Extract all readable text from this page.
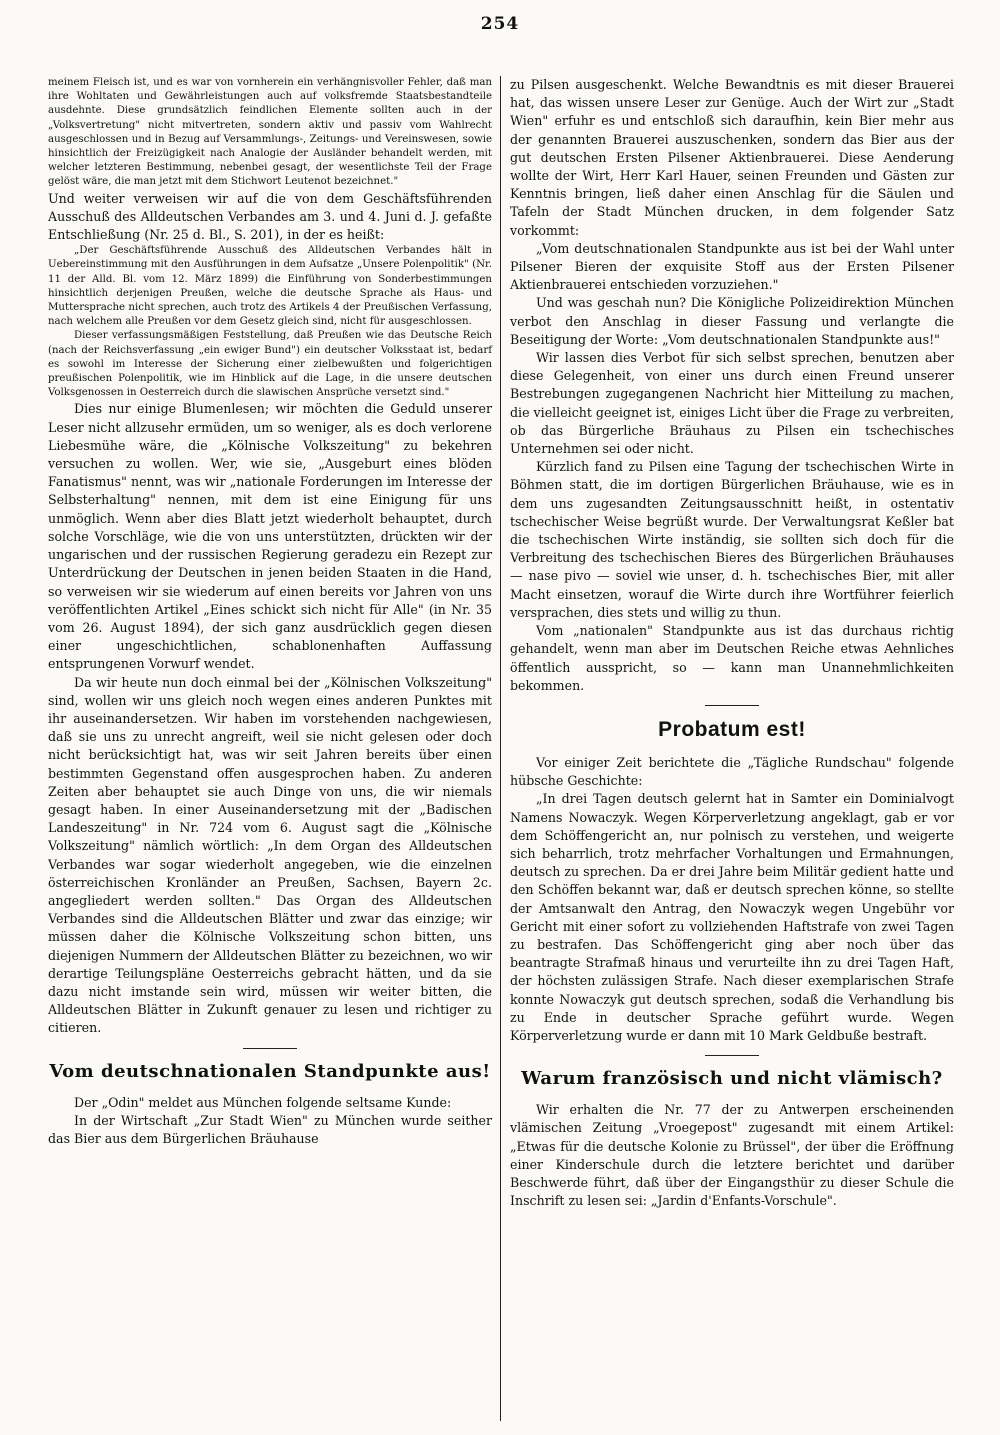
254

meinem Fleisch ist, und es war von vornherein ein verhängnisvoller Fehler, daß man ihre Wohltaten und Gewährleistungen auch auf volksfremde Staatsbestandteile ausdehnte. Diese grundsätzlich feindlichen Elemente sollten auch in der „Volksvertretung" nicht mitvertreten, sondern aktiv und passiv vom Wahlrecht ausgeschlossen und in Bezug auf Versammlungs-, Zeitungs- und Vereinswesen, sowie hinsichtlich der Freizügigkeit nach Analogie der Ausländer behandelt werden, mit welcher letzteren Bestimmung, nebenbei gesagt, der wesentlichste Teil der Frage gelöst wäre, die man jetzt mit dem Stichwort Leutenot bezeichnet."

Und weiter verweisen wir auf die von dem Geschäftsführenden Ausschuß des Alldeutschen Verbandes am 3. und 4. Juni d. J. gefaßte Entschließung (Nr. 25 d. Bl., S. 201), in der es heißt:

„Der Geschäftsführende Ausschuß des Alldeutschen Verbandes hält in Uebereinstimmung mit den Ausführungen in dem Aufsatze „Unsere Polenpolitik" (Nr. 11 der Alld. Bl. vom 12. März 1899) die Einführung von Sonderbestimmungen hinsichtlich derjenigen Preußen, welche die deutsche Sprache als Haus- und Muttersprache nicht sprechen, auch trotz des Artikels 4 der Preußischen Verfassung, nach welchem alle Preußen vor dem Gesetz gleich sind, nicht für ausgeschlossen.

Dieser verfassungsmäßigen Feststellung, daß Preußen wie das Deutsche Reich (nach der Reichsverfassung „ein ewiger Bund") ein deutscher Volksstaat ist, bedarf es sowohl im Interesse der Sicherung einer zielbewußten und folgerichtigen preußischen Polenpolitik, wie im Hinblick auf die Lage, in die unsere deutschen Volksgenossen in Oesterreich durch die slawischen Ansprüche versetzt sind."

Dies nur einige Blumenlesen; wir möchten die Geduld unserer Leser nicht allzusehr ermüden, um so weniger, als es doch verlorene Liebesmühe wäre, die „Kölnische Volkszeitung" zu bekehren versuchen zu wollen. Wer, wie sie, „Ausgeburt eines blöden Fanatismus" nennt, was wir „nationale Forderungen im Interesse der Selbsterhaltung" nennen, mit dem ist eine Einigung für uns unmöglich. Wenn aber dies Blatt jetzt wiederholt behauptet, durch solche Vorschläge, wie die von uns unterstützten, drückten wir der ungarischen und der russischen Regierung geradezu ein Rezept zur Unterdrückung der Deutschen in jenen beiden Staaten in die Hand, so verweisen wir sie wiederum auf einen bereits vor Jahren von uns veröffentlichten Artikel „Eines schickt sich nicht für Alle" (in Nr. 35 vom 26. August 1894), der sich ganz ausdrücklich gegen diesen einer ungeschichtlichen, schablonenhaften Auffassung entsprungenen Vorwurf wendet.

Da wir heute nun doch einmal bei der „Kölnischen Volkszeitung" sind, wollen wir uns gleich noch wegen eines anderen Punktes mit ihr auseinandersetzen. Wir haben im vorstehenden nachgewiesen, daß sie uns zu unrecht angreift, weil sie nicht gelesen oder doch nicht berücksichtigt hat, was wir seit Jahren bereits über einen bestimmten Gegenstand offen ausgesprochen haben. Zu anderen Zeiten aber behauptet sie auch Dinge von uns, die wir niemals gesagt haben. In einer Auseinandersetzung mit der „Badischen Landeszeitung" in Nr. 724 vom 6. August sagt die „Kölnische Volkszeitung" nämlich wörtlich: „In dem Organ des Alldeutschen Verbandes war sogar wiederholt angegeben, wie die einzelnen österreichischen Kronländer an Preußen, Sachsen, Bayern 2c. angegliedert werden sollten." Das Organ des Alldeutschen Verbandes sind die Alldeutschen Blätter und zwar das einzige; wir müssen daher die Kölnische Volkszeitung schon bitten, uns diejenigen Nummern der Alldeutschen Blätter zu bezeichnen, wo wir derartige Teilungspläne Oesterreichs gebracht hätten, und da sie dazu nicht imstande sein wird, müssen wir weiter bitten, die Alldeutschen Blätter in Zukunft genauer zu lesen und richtiger zu citieren.

Vom deutschnationalen Standpunkte aus!

Der „Odin" meldet aus München folgende seltsame Kunde:

In der Wirtschaft „Zur Stadt Wien" zu München wurde seither das Bier aus dem Bürgerlichen Bräuhause

zu Pilsen ausgeschenkt. Welche Bewandtnis es mit dieser Brauerei hat, das wissen unsere Leser zur Genüge. Auch der Wirt zur „Stadt Wien" erfuhr es und entschloß sich daraufhin, kein Bier mehr aus der genannten Brauerei auszuschenken, sondern das Bier aus der gut deutschen Ersten Pilsener Aktienbrauerei. Diese Aenderung wollte der Wirt, Herr Karl Hauer, seinen Freunden und Gästen zur Kenntnis bringen, ließ daher einen Anschlag für die Säulen und Tafeln der Stadt München drucken, in dem folgender Satz vorkommt:

„Vom deutschnationalen Standpunkte aus ist bei der Wahl unter Pilsener Bieren der exquisite Stoff aus der Ersten Pilsener Aktienbrauerei entschieden vorzuziehen."

Und was geschah nun? Die Königliche Polizeidirektion München verbot den Anschlag in dieser Fassung und verlangte die Beseitigung der Worte: „Vom deutschnationalen Standpunkte aus!"

Wir lassen dies Verbot für sich selbst sprechen, benutzen aber diese Gelegenheit, von einer uns durch einen Freund unserer Bestrebungen zugegangenen Nachricht hier Mitteilung zu machen, die vielleicht geeignet ist, einiges Licht über die Frage zu verbreiten, ob das Bürgerliche Bräuhaus zu Pilsen ein tschechisches Unternehmen sei oder nicht.

Kürzlich fand zu Pilsen eine Tagung der tschechischen Wirte in Böhmen statt, die im dortigen Bürgerlichen Bräuhause, wie es in dem uns zugesandten Zeitungsausschnitt heißt, in ostentativ tschechischer Weise begrüßt wurde. Der Verwaltungsrat Keßler bat die tschechischen Wirte inständig, sie sollten sich doch für die Verbreitung des tschechischen Bieres des Bürgerlichen Bräuhauses — nase pivo — soviel wie unser, d. h. tschechisches Bier, mit aller Macht einsetzen, worauf die Wirte durch ihre Wortführer feierlich versprachen, dies stets und willig zu thun.

Vom „nationalen" Standpunkte aus ist das durchaus richtig gehandelt, wenn man aber im Deutschen Reiche etwas Aehnliches öffentlich ausspricht, so — kann man Unannehmlichkeiten bekommen.

Probatum est!

Vor einiger Zeit berichtete die „Tägliche Rundschau" folgende hübsche Geschichte:

„In drei Tagen deutsch gelernt hat in Samter ein Dominialvogt Namens Nowaczyk. Wegen Körperverletzung angeklagt, gab er vor dem Schöffengericht an, nur polnisch zu verstehen, und weigerte sich beharrlich, trotz mehrfacher Vorhaltungen und Ermahnungen, deutsch zu sprechen. Da er drei Jahre beim Militär gedient hatte und den Schöffen bekannt war, daß er deutsch sprechen könne, so stellte der Amtsanwalt den Antrag, den Nowaczyk wegen Ungebühr vor Gericht mit einer sofort zu vollziehenden Haftstrafe von zwei Tagen zu bestrafen. Das Schöffengericht ging aber noch über das beantragte Strafmaß hinaus und verurteilte ihn zu drei Tagen Haft, der höchsten zulässigen Strafe. Nach dieser exemplarischen Strafe konnte Nowaczyk gut deutsch sprechen, sodaß die Verhandlung bis zu Ende in deutscher Sprache geführt wurde. Wegen Körperverletzung wurde er dann mit 10 Mark Geldbuße bestraft.

Warum französisch und nicht vlämisch?

Wir erhalten die Nr. 77 der zu Antwerpen erscheinenden vlämischen Zeitung „Vroegepost" zugesandt mit einem Artikel: „Etwas für die deutsche Kolonie zu Brüssel", der über die Eröffnung einer Kinderschule durch die letztere berichtet und darüber Beschwerde führt, daß über der Eingangsthür zu dieser Schule die Inschrift zu lesen sei: „Jardin d'Enfants-Vorschule".
